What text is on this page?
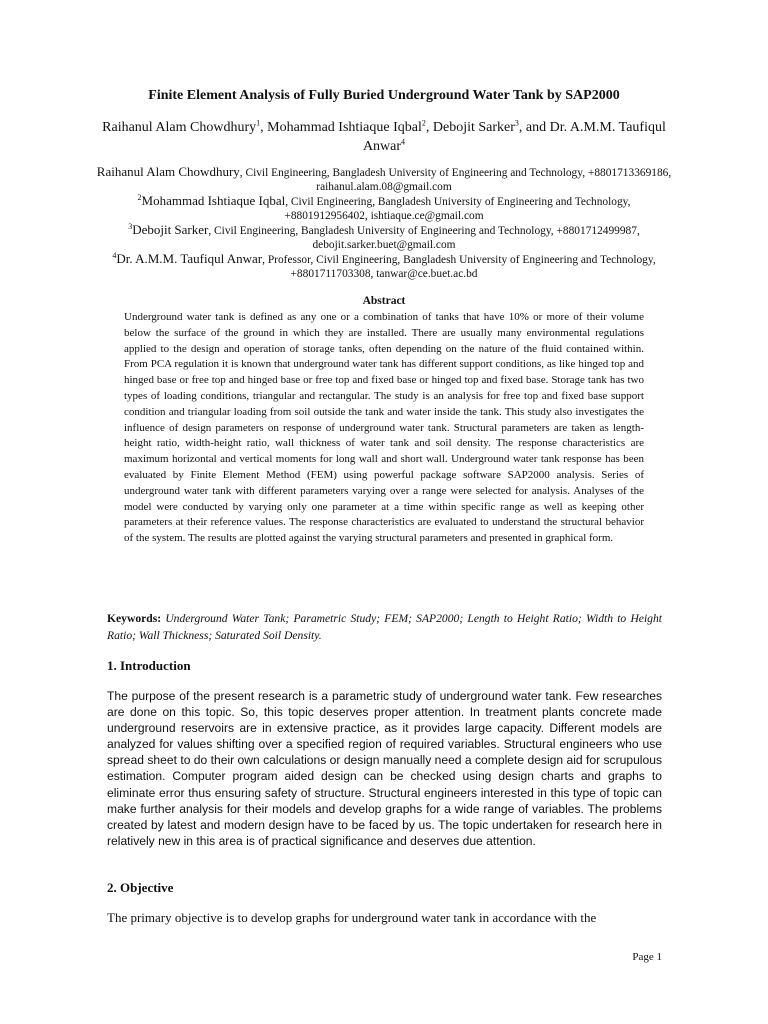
Finite Element Analysis of Fully Buried Underground Water Tank by SAP2000
Raihanul Alam Chowdhury$^1$, Mohammad Ishtiaque Iqbal$^2$, Debojit Sarker$^3$, and Dr. A.M.M. Taufiqul Anwar$^4$

Raihanul Alam Chowdhury, Civil Engineering, Bangladesh University of Engineering and Technology, +8801713369186, raihanul.alam.08@gmail.com

$^2$Mohammad Ishtiaque Iqbal, Civil Engineering, Bangladesh University of Engineering and Technology, +8801912956402, ishtiaque.ce@gmail.com

$^3$Debojit Sarker, Civil Engineering, Bangladesh University of Engineering and Technology, +8801712499987, debojit.sarker.buet@gmail.com

$^4$Dr. A.M.M. Taufiqul Anwar, Professor, Civil Engineering, Bangladesh University of Engineering and Technology, +8801711703308, tanwar@ce.buet.ac.bd

Abstract
Underground water tank is defined as any one or a combination of tanks that have 10% or more of their volume below the surface of the ground in which they are installed. There are usually many environmental regulations applied to the design and operation of storage tanks, often depending on the nature of the fluid contained within. From PCA regulation it is known that underground water tank has different support conditions, as like hinged top and hinged base or free top and hinged base or free top and fixed base or hinged top and fixed base. Storage tank has two types of loading conditions, triangular and rectangular. The study is an analysis for free top and fixed base support condition and triangular loading from soil outside the tank and water inside the tank. This study also investigates the influence of design parameters on response of underground water tank. Structural parameters are taken as length-height ratio, width-height ratio, wall thickness of water tank and soil density. The response characteristics are maximum horizontal and vertical moments for long wall and short wall. Underground water tank response has been evaluated by Finite Element Method (FEM) using powerful package software SAP2000 analysis. Series of underground water tank with different parameters varying over a range were selected for analysis. Analyses of the model were conducted by varying only one parameter at a time within specific range as well as keeping other parameters at their reference values. The response characteristics are evaluated to understand the structural behavior of the system. The results are plotted against the varying structural parameters and presented in graphical form.
Keywords: Underground Water Tank; Parametric Study; FEM; SAP2000; Length to Height Ratio; Width to Height Ratio; Wall Thickness; Saturated Soil Density.
1. Introduction
The purpose of the present research is a parametric study of underground water tank. Few researches are done on this topic. So, this topic deserves proper attention. In treatment plants concrete made underground reservoirs are in extensive practice, as it provides large capacity. Different models are analyzed for values shifting over a specified region of required variables. Structural engineers who use spread sheet to do their own calculations or design manually need a complete design aid for scrupulous estimation. Computer program aided design can be checked using design charts and graphs to eliminate error thus ensuring safety of structure. Structural engineers interested in this type of topic can make further analysis for their models and develop graphs for a wide range of variables. The problems created by latest and modern design have to be faced by us. The topic undertaken for research here in relatively new in this area is of practical significance and deserves due attention.
2. Objective
The primary objective is to develop graphs for underground water tank in accordance with the
Page 1
